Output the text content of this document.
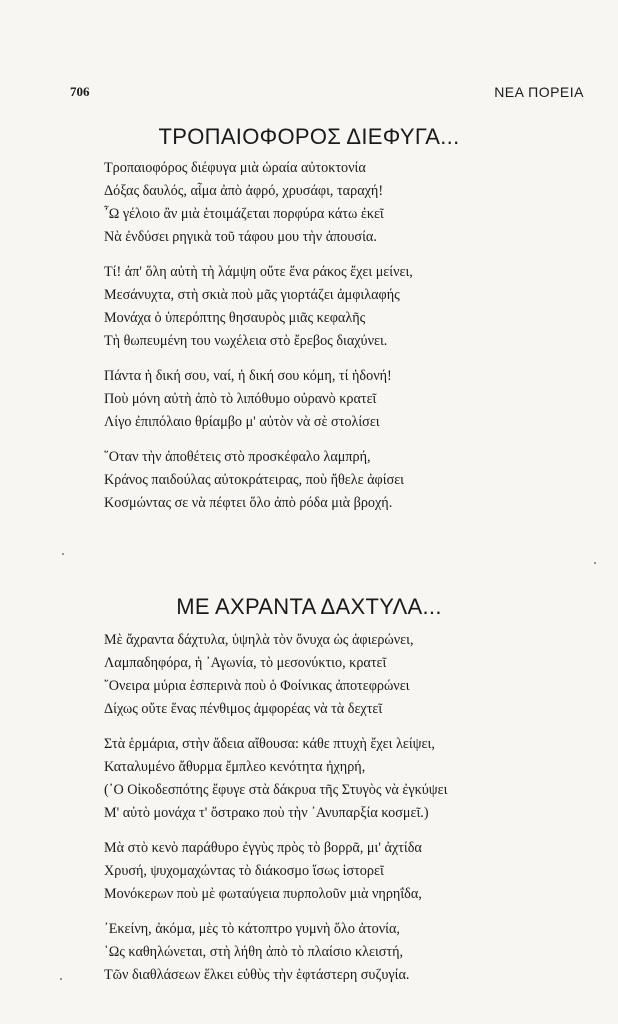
706	ΝΕΑ ΠΟΡΕΙΑ
ΤΡΟΠΑΙΟΦΟΡΟΣ ΔΙΕΦΥΓΑ...
Τροπαιοφόρος διέφυγα μιὰ ὡραία αὐτοκτονία
Δόξας δαυλός, αἷμα ἀπὸ ἀφρό, χρυσάφι, ταραχή!
῏Ω γέλοιο ἂν μιὰ ἑτοιμάζεται πορφύρα κάτω ἐκεῖ
Νὰ ἐνδύσει ρηγικὰ τοῦ τάφου μου τὴν ἀπουσία.
Τί! ἀπ' ὅλη αὐτὴ τὴ λάμψη οὔτε ἕνα ράκος ἔχει μείνει,
Μεσάνυχτα, στὴ σκιὰ ποὺ μᾶς γιορτάζει ἀμφιλαφής
Μονάχα ὁ ὑπερόπτης θησαυρὸς μιᾶς κεφαλῆς
Τὴ θωπευμένη του νωχέλεια στὸ ἔρεβος διαχύνει.
Πάντα ἡ δική σου, ναί, ἡ δική σου κόμη, τί ἡδονή!
Ποὺ μόνη αὐτὴ ἀπὸ τὸ λιπόθυμο οὐρανὸ κρατεῖ
Λίγο ἐπιπόλαιο θρίαμβο μ' αὐτὸν νὰ σὲ στολίσει
῞Οταν τὴν ἀποθέτεις στὸ προσκέφαλο λαμπρή,
Κράνος παιδούλας αὐτοκράτειρας, ποὺ ἤθελε ἀφίσει
Κοσμώντας σε νὰ πέφτει ὅλο ἀπὸ ρόδα μιὰ βροχή.
ΜΕ ΑΧΡΑΝΤΑ ΔΑΧΤΥΛΑ...
Μὲ ἄχραντα δάχτυλα, ὑψηλὰ τὸν ὄνυχα ὡς ἀφιερώνει,
Λαμπαδηφόρα, ἡ ᾽Αγωνία, τὸ μεσονύκτιο, κρατεῖ
῎Ονειρα μύρια ἑσπερινὰ ποὺ ὁ Φοίνικας ἀποτεφρώνει
Δίχως οὔτε ἕνας πένθιμος ἀμφορέας νὰ τὰ δεχτεῖ
Στὰ ἑρμάρια, στὴν ἄδεια αἴθουσα: κάθε πτυχὴ ἔχει λείψει,
Καταλυμένο ἄθυρμα ἔμπλεο κενότητα ἠχηρή,
(᾽Ο Οἰκοδεσπότης ἔφυγε στὰ δάκρυα τῆς Στυγὸς νὰ ἐγκύψει
Μ' αὐτὸ μονάχα τ' ὄστρακο ποὺ τὴν ᾽Ανυπαρξία κοσμεῖ.)
Μὰ στὸ κενὸ παράθυρο ἐγγὺς πρὸς τὸ βορρᾶ, μι' ἀχτίδα
Χρυσή, ψυχομαχώντας τὸ διάκοσμο ἴσως ἱστορεῖ
Μονόκερων ποὺ μὲ φωταύγεια πυρπολοῦν μιὰ νηρηΐδα,
᾽Εκείνη, ἀκόμα, μὲς τὸ κάτοπτρο γυμνὴ ὅλο ἀτονία,
῾Ως καθηλώνεται, στὴ λήθη ἀπὸ τὸ πλαίσιο κλειστή,
Τῶν διαθλάσεων ἕλκει εὐθὺς τὴν ἑφτάστερη συζυγία.
